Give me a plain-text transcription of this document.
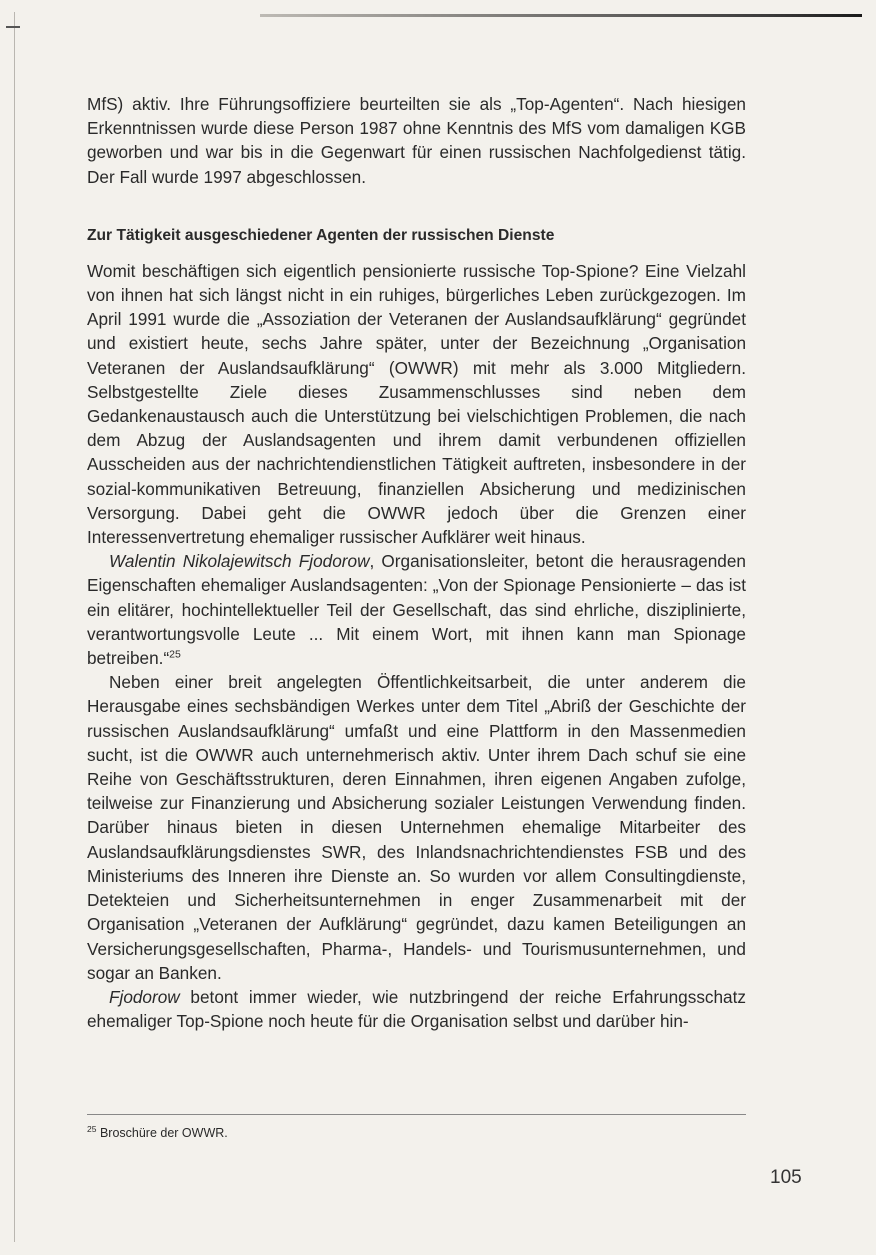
MfS) aktiv. Ihre Führungsoffiziere beurteilten sie als „Top-Agenten“. Nach hiesigen Erkenntnissen wurde diese Person 1987 ohne Kenntnis des MfS vom damaligen KGB geworben und war bis in die Gegenwart für einen russischen Nachfolgedienst tätig. Der Fall wurde 1997 abgeschlossen.

Zur Tätigkeit ausgeschiedener Agenten der russischen Dienste

Womit beschäftigen sich eigentlich pensionierte russische Top-Spione? Eine Vielzahl von ihnen hat sich längst nicht in ein ruhiges, bürgerliches Leben zurückgezogen. Im April 1991 wurde die „Assoziation der Veteranen der Auslandsaufklärung“ gegründet und existiert heute, sechs Jahre später, unter der Bezeichnung „Organisation Veteranen der Auslandsaufklärung“ (OWWR) mit mehr als 3.000 Mitgliedern. Selbstgestellte Ziele dieses Zusammenschlusses sind neben dem Gedankenaustausch auch die Unterstützung bei vielschichtigen Problemen, die nach dem Abzug der Auslandsagenten und ihrem damit verbundenen offiziellen Ausscheiden aus der nachrichtendienstlichen Tätigkeit auftreten, insbesondere in der sozial-kommunikativen Betreuung, finanziellen Absicherung und medizinischen Versorgung. Dabei geht die OWWR jedoch über die Grenzen einer Interessenvertretung ehemaliger russischer Aufklärer weit hinaus.

Walentin Nikolajewitsch Fjodorow, Organisationsleiter, betont die herausragenden Eigenschaften ehemaliger Auslandsagenten: „Von der Spionage Pensionierte – das ist ein elitärer, hochintellektueller Teil der Gesellschaft, das sind ehrliche, disziplinierte, verantwortungsvolle Leute ... Mit einem Wort, mit ihnen kann man Spionage betreiben.“$^{25}$

Neben einer breit angelegten Öffentlichkeitsarbeit, die unter anderem die Herausgabe eines sechsbändigen Werkes unter dem Titel „Abriß der Geschichte der russischen Auslandsaufklärung“ umfaßt und eine Plattform in den Massenmedien sucht, ist die OWWR auch unternehmerisch aktiv. Unter ihrem Dach schuf sie eine Reihe von Geschäftsstrukturen, deren Einnahmen, ihren eigenen Angaben zufolge, teilweise zur Finanzierung und Absicherung sozialer Leistungen Verwendung finden. Darüber hinaus bieten in diesen Unternehmen ehemalige Mitarbeiter des Auslandsaufklärungsdienstes SWR, des Inlandsnachrichtendienstes FSB und des Ministeriums des Inneren ihre Dienste an. So wurden vor allem Consultingdienste, Detekteien und Sicherheitsunternehmen in enger Zusammenarbeit mit der Organisation „Veteranen der Aufklärung“ gegründet, dazu kamen Beteiligungen an Versicherungsgesellschaften, Pharma-, Handels- und Tourismusunternehmen, und sogar an Banken.

Fjodorow betont immer wieder, wie nutzbringend der reiche Erfahrungsschatz ehemaliger Top-Spione noch heute für die Organisation selbst und darüber hin-

$^{25}$ Broschüre der OWWR.
105
